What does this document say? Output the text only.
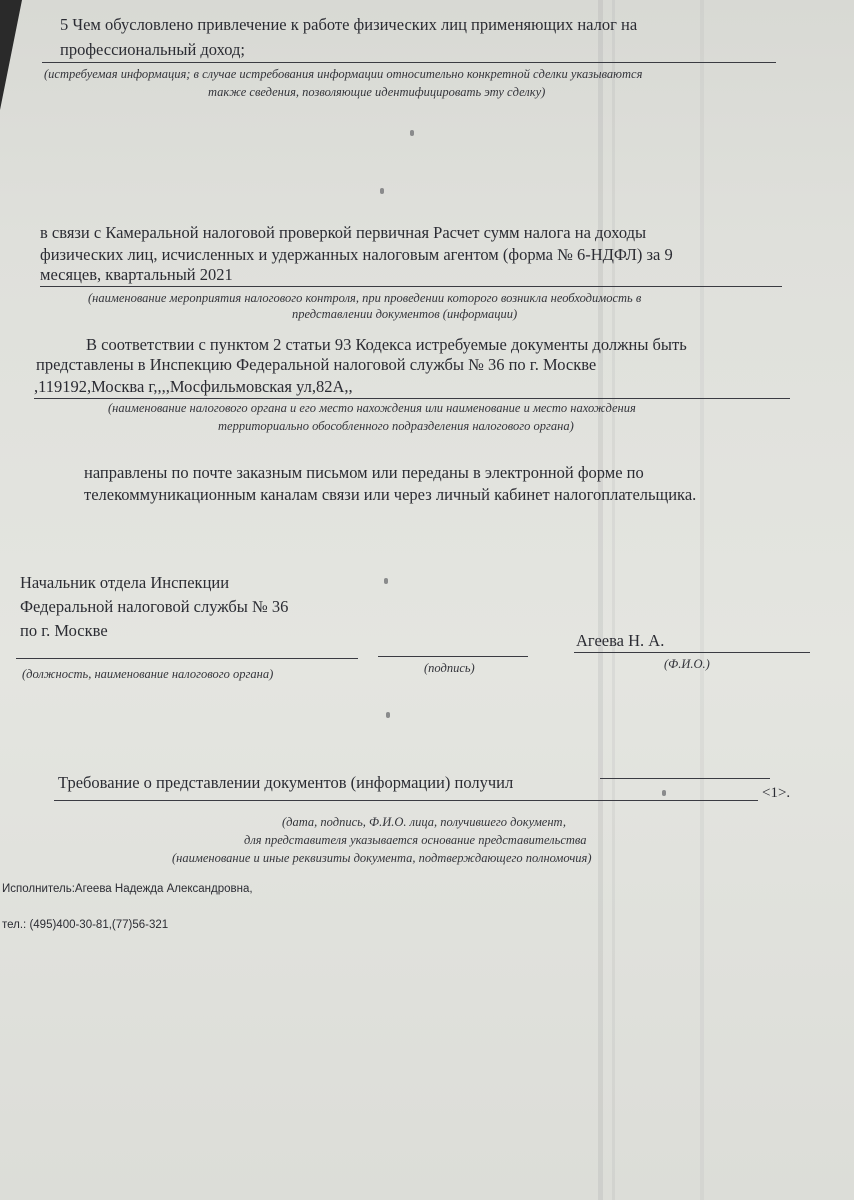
5 Чем обусловлено привлечение к работе физических лиц применяющих налог на
профессиональный доход;
(истребуемая информация; в случае истребования информации относительно конкретной сделки указываются
также сведения, позволяющие идентифицировать эту сделку)
в связи с Камеральной налоговой проверкой первичная Расчет сумм налога на доходы
физических лиц, исчисленных и удержанных налоговым агентом (форма № 6-НДФЛ) за 9
месяцев, квартальный 2021
(наименование мероприятия налогового контроля, при проведении которого возникла необходимость в
представлении документов (информации)
В соответствии с пунктом 2 статьи 93 Кодекса истребуемые документы должны быть
представлены в Инспекцию Федеральной налоговой службы № 36 по г. Москве
,119192,Москва г,,,,Мосфильмовская ул,82А,,
(наименование налогового органа и его место нахождения или наименование и место нахождения
территориально обособленного подразделения налогового органа)
направлены по почте заказным письмом или переданы в электронной форме по
телекоммуникационным каналам связи или через личный кабинет налогоплательщика.
Начальник отдела Инспекции
Федеральной налоговой службы № 36
по г. Москве
Агеева Н. А.
(должность, наименование налогового органа)	(подпись)	(Ф.И.О.)
Требование о представлении документов (информации) получил
<1>.
(дата, подпись, Ф.И.О. лица, получившего документ,
для представителя указывается основание представительства
(наименование и иные реквизиты документа, подтверждающего полномочия)
Исполнитель:Агеева Надежда Александровна,
тел.: (495)400-30-81,(77)56-321
